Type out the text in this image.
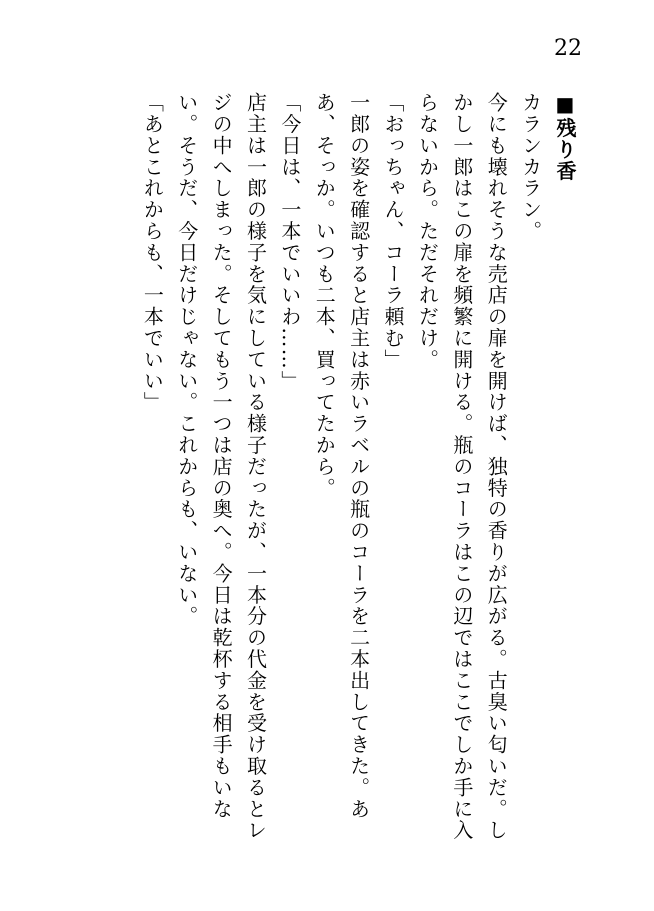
22

■残り香

カランカラン。

今にも壊れそうな売店の扉を開けば、独特の香りが広がる。古臭い匂いだ。しかし一郎はこの扉を頻繁に開ける。瓶のコーラはこの辺ではここでしか手に入らないから。ただそれだけ。

「おっちゃん、コーラ頼む」

一郎の姿を確認すると店主は赤いラベルの瓶のコーラを二本出してきた。ああ、そっか。いつも二本、買ってたから。

「今日は、一本でいいわ……」

店主は一郎の様子を気にしている様子だったが、一本分の代金を受け取るとレジの中へしまった。そしてもう一つは店の奥へ。今日は乾杯する相手もいない。そうだ、今日だけじゃない。これからも、いない。

「あとこれからも、一本でいい」
